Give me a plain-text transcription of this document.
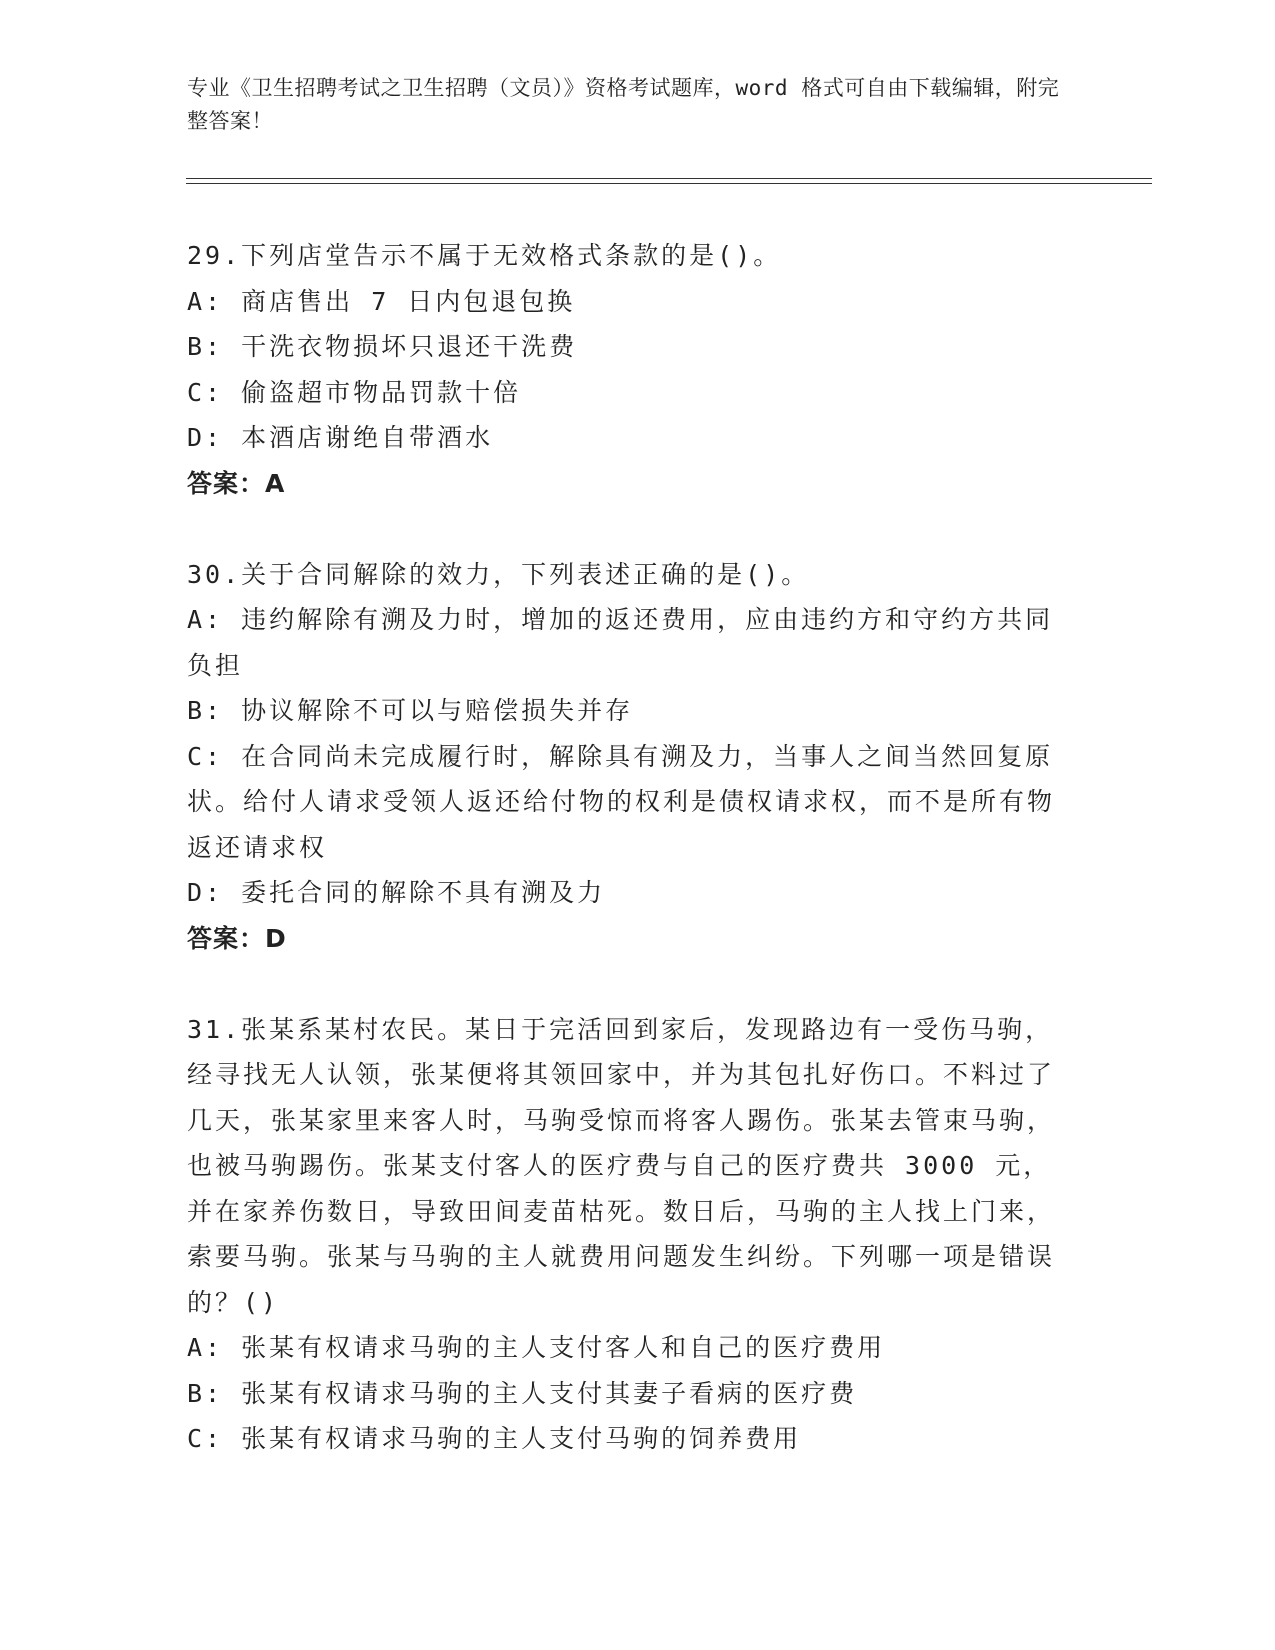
专业《卫生招聘考试之卫生招聘（文员）》资格考试题库，word 格式可自由下载编辑，附完整答案！
29.下列店堂告示不属于无效格式条款的是()。
A: 商店售出 7 日内包退包换
B: 干洗衣物损坏只退还干洗费
C: 偷盗超市物品罚款十倍
D: 本酒店谢绝自带酒水
答案：A
30.关于合同解除的效力，下列表述正确的是()。
A: 违约解除有溯及力时，增加的返还费用，应由违约方和守约方共同负担
B: 协议解除不可以与赔偿损失并存
C: 在合同尚未完成履行时，解除具有溯及力，当事人之间当然回复原状。给付人请求受领人返还给付物的权利是债权请求权，而不是所有物返还请求权
D: 委托合同的解除不具有溯及力
答案：D
31.张某系某村农民。某日于完活回到家后，发现路边有一受伤马驹，经寻找无人认领，张某便将其领回家中，并为其包扎好伤口。不料过了几天，张某家里来客人时，马驹受惊而将客人踢伤。张某去管束马驹，也被马驹踢伤。张某支付客人的医疗费与自己的医疗费共 3000 元，并在家养伤数日，导致田间麦苗枯死。数日后，马驹的主人找上门来，索要马驹。张某与马驹的主人就费用问题发生纠纷。下列哪一项是错误的？()
A: 张某有权请求马驹的主人支付客人和自己的医疗费用
B: 张某有权请求马驹的主人支付其妻子看病的医疗费
C: 张某有权请求马驹的主人支付马驹的饲养费用
